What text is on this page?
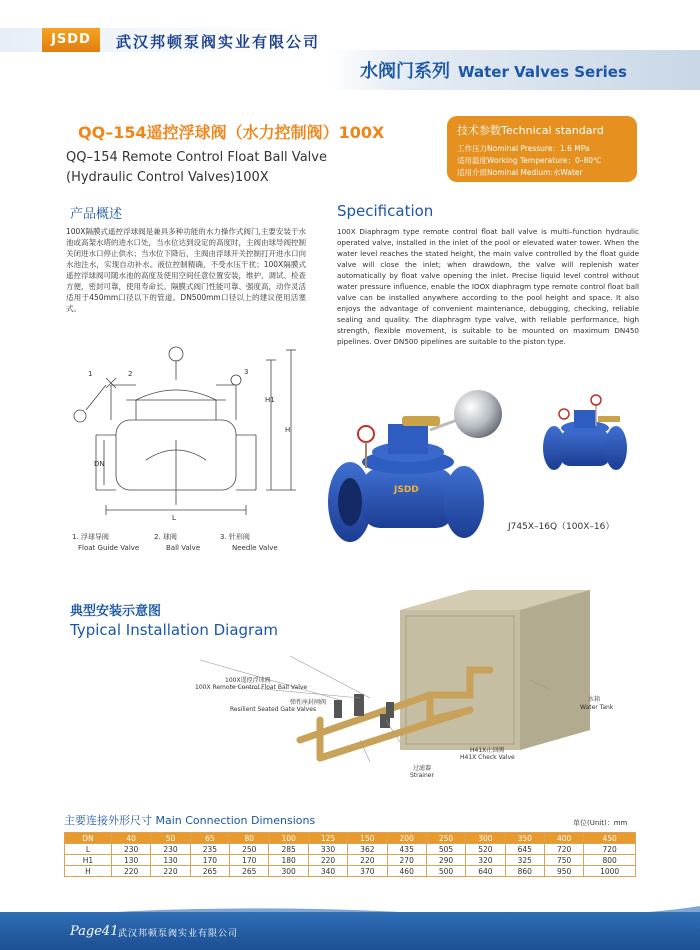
JSDD	武汉邦顿泵阀实业有限公司
水阀门系列 Water Valves Series
QQ–154遥控浮球阀（水力控制阀）100X
QQ–154 Remote Control Float Ball Valve
(Hydraulic Control Valves)100X
技术参数Technical standard
工作压力Nominal Pressure：1.6 MPa
适用温度Working Temperature：0–80℃
适用介质Nominal Medium:水Water
产品概述
100X隔膜式遥控浮球阀是兼具多种功能的水力操作式阀门,主要安装于水池或高架水塔的进水口处，当水位达到设定的高度时，主阀由球导阀控制关闭进水口停止供水；当水位下降后，主阀由浮球开关控制打开进水口向水池注水，实现自动补水。液位控制精确，不受水压干扰；100X隔膜式遥控浮球阀可随水池的高度及使用空间任意位置安装，维护、调试、检查方便，密封可靠，使用寿命长。隔膜式阀门性能可靠、强度高，动作灵活适用于450mm口径以下的管道。DN500mm口径以上的建议使用活塞式。
Specification
100X Diaphragm type remote control float ball valve is multi–function hydraulic operated valve, installed in the inlet of the pool or elevated water tower. When the water level reaches the stated height, the main valve controlled by the float guide valve will close the inlet; when drawdown, the valve will replenish water automatically by float valve opening the inlet. Precise liquid level control without water pressure influence, enable the IOOX diaphragm type remote control float ball valve can be installed anywhere according to the pool height and space. It also enjoys the advantage of convenient maintenance, debugging, checking, reliable sealing and quality. The diaphragm type valve, with reliable performance, high strength, flexible movement, is suitable to be mounted on maximum DN450 pipelines. Over DN500 pipelines are suitable to the piston type.
H1
H
DN
L
1	2	3
1. 浮球导阀
Float Guide Valve
2. 球阀
Ball Valve
3. 针形阀
Needle Valve
JSDD
J745X–16Q（100X–16）
典型安装示意图
Typical Installation Diagram
100X遥控浮球阀
100X Remote Control Float Ball Valve
弹性座封闸阀
Resilient Seated Gate Valves
水箱
Water Tank
H41X止回阀
H41X Check Valve
过滤器
Strainer
主要连接外形尺寸 Main Connection Dimensions	单位(Unit)：mm
DN	40	50	65	80	100	125	150	200	250	300	350	400	450
L	230	230	235	250	285	330	362	435	505	520	645	720	720
H1	130	130	170	170	180	220	220	270	290	320	325	750	800
H	220	220	265	265	300	340	370	460	500	640	860	950	1000
Page41 武汉邦顿泵阀实业有限公司
